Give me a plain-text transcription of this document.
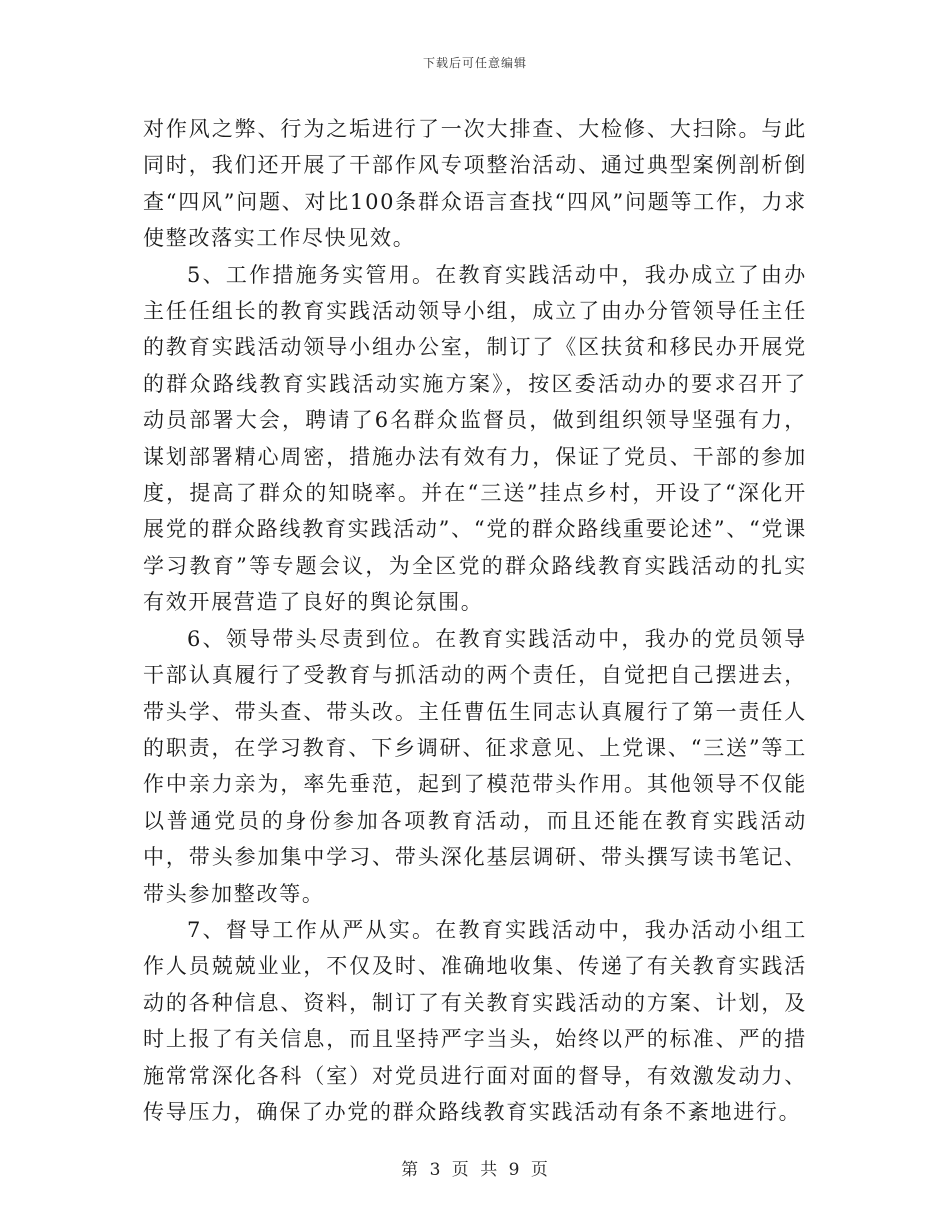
下载后可任意编辑

对作风之弊、行为之垢进行了一次大排查、大检修、大扫除。与此同时，我们还开展了干部作风专项整治活动、通过典型案例剖析倒查“四风”问题、对比100条群众语言查找“四风”问题等工作，力求使整改落实工作尽快见效。

5、工作措施务实管用。在教育实践活动中，我办成立了由办主任任组长的教育实践活动领导小组，成立了由办分管领导任主任的教育实践活动领导小组办公室，制订了《区扶贫和移民办开展党的群众路线教育实践活动实施方案》，按区委活动办的要求召开了动员部署大会，聘请了6名群众监督员，做到组织领导坚强有力，谋划部署精心周密，措施办法有效有力，保证了党员、干部的参加度，提高了群众的知晓率。并在“三送”挂点乡村，开设了“深化开展党的群众路线教育实践活动”、“党的群众路线重要论述”、“党课学习教育”等专题会议，为全区党的群众路线教育实践活动的扎实有效开展营造了良好的舆论氛围。

6、领导带头尽责到位。在教育实践活动中，我办的党员领导干部认真履行了受教育与抓活动的两个责任，自觉把自己摆进去，带头学、带头查、带头改。主任曹伍生同志认真履行了第一责任人的职责，在学习教育、下乡调研、征求意见、上党课、“三送”等工作中亲力亲为，率先垂范，起到了模范带头作用。其他领导不仅能以普通党员的身份参加各项教育活动，而且还能在教育实践活动中，带头参加集中学习、带头深化基层调研、带头撰写读书笔记、带头参加整改等。

7、督导工作从严从实。在教育实践活动中，我办活动小组工作人员兢兢业业，不仅及时、准确地收集、传递了有关教育实践活动的各种信息、资料，制订了有关教育实践活动的方案、计划，及时上报了有关信息，而且坚持严字当头，始终以严的标准、严的措施常常深化各科（室）对党员进行面对面的督导，有效激发动力、传导压力，确保了办党的群众路线教育实践活动有条不紊地进行。

第 3 页 共 9 页
